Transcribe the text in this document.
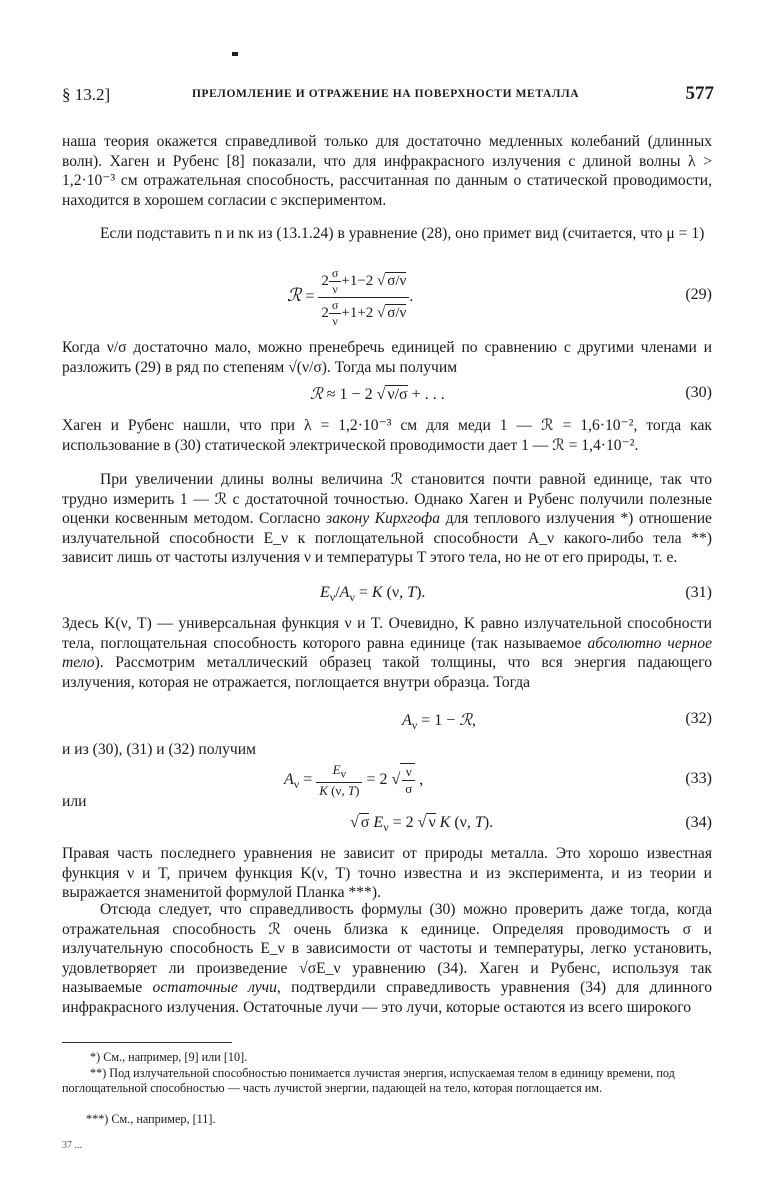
§ 13.2]	ПРЕЛОМЛЕНИЕ И ОТРАЖЕНИЕ НА ПОВЕРХНОСТИ МЕТАЛЛА	577

наша теория окажется справедливой только для достаточно медленных колебаний (длинных волн). Хаген и Рубенс [8] показали, что для инфракрасного излучения с длиной волны λ > 1,2·10⁻³ см отражательная способность, рассчитанная по данным о статической проводимости, находится в хорошем согласии с экспериментом.

Если подставить n и nκ из (13.1.24) в уравнение (28), оно примет вид (считается, что μ = 1)

ℛ = $\frac{2 \frac{\sigma}{\nu} +1-2 √ \sigma/\nu}{2 \frac{\sigma}{\nu} +1+2 √ \sigma/\nu}$ .	(29)

Когда ν/σ достаточно мало, можно пренебречь единицей по сравнению с другими членами и разложить (29) в ряд по степеням √(ν/σ). Тогда мы получим

ℛ ≈ 1 − 2 √ ν/σ + . . .	(30)

Хаген и Рубенс нашли, что при λ = 1,2·10⁻³ см для меди 1 — ℛ = 1,6·10⁻², тогда как использование в (30) статической электрической проводимости дает 1 — ℛ = 1,4·10⁻².

При увеличении длины волны величина ℛ становится почти равной единице, так что трудно измерить 1 — ℛ с достаточной точностью. Однако Хаген и Рубенс получили полезные оценки косвенным методом. Согласно закону Кирхгофа для теплового излучения *) отношение излучательной способности E_ν к поглощательной способности A_ν какого-либо тела **) зависит лишь от частоты излучения ν и температуры T этого тела, но не от его природы, т. е.

$E_\nu/A_\nu = K$ (ν, T).	(31)

Здесь K(ν, T) — универсальная функция ν и T. Очевидно, K равно излучательной способности тела, поглощательная способность которого равна единице (так называемое абсолютно черное тело). Рассмотрим металлический образец такой толщины, что вся энергия падающего излучения, которая не отражается, поглощается внутри образца. Тогда

$A_\nu = 1$ − ℛ,	(32)

и из (30), (31) и (32) получим

$A_\nu = \frac{E_\nu}{K (\nu, T)} = 2$ √ $\frac{\nu}{\sigma}$ ,	(33)

или

√ σ $E_\nu = 2$ √ ν K (ν, T).	(34)

Правая часть последнего уравнения не зависит от природы металла. Это хорошо известная функция ν и T, причем функция K(ν, T) точно известна и из эксперимента, и из теории и выражается знаменитой формулой Планка ***).

Отсюда следует, что справедливость формулы (30) можно проверить даже тогда, когда отражательная способность ℛ очень близка к единице. Определяя проводимость σ и излучательную способность E_ν в зависимости от частоты и температуры, легко установить, удовлетворяет ли произведение √σE_ν уравнению (34). Хаген и Рубенс, используя так называемые остаточные лучи, подтвердили справедливость уравнения (34) для длинного инфракрасного излучения. Остаточные лучи — это лучи, которые остаются из всего широкого

*) См., например, [9] или [10].
**) Под излучательной способностью понимается лучистая энергия, испускаемая телом в единицу времени, под поглощательной способностью — часть лучистой энергии, падающей на тело, которая поглощается им.
***) См., например, [11].
37 ...
